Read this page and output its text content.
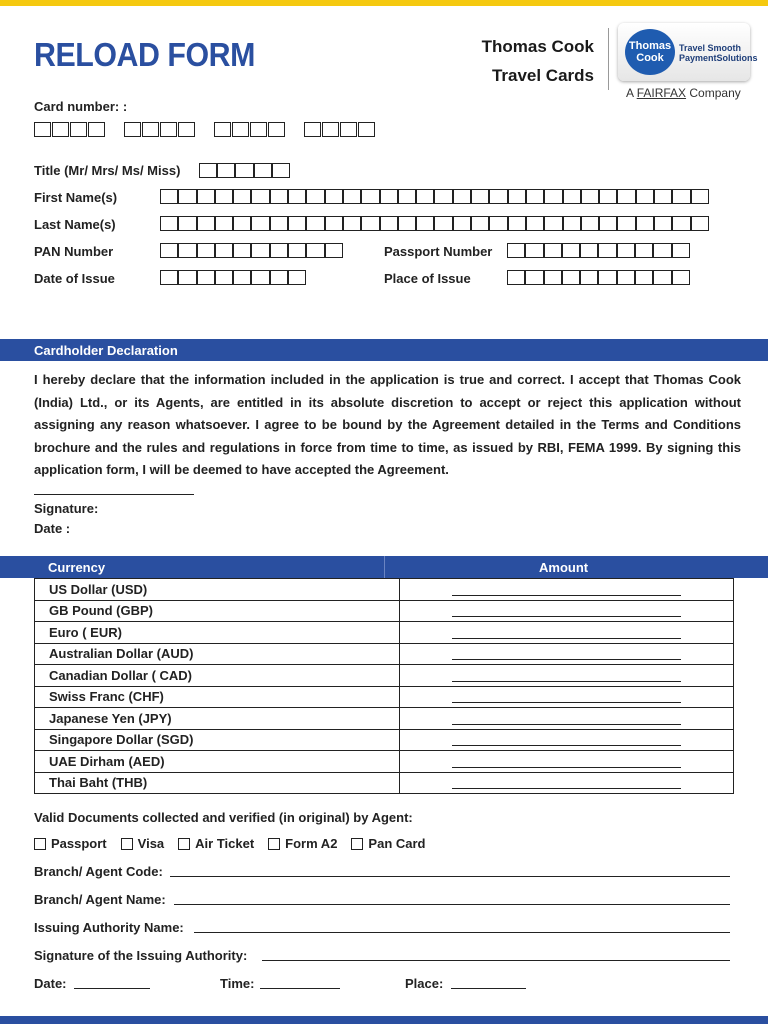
RELOAD FORM	Thomas Cook
Travel Cards
Thomas
Cook
Travel Smooth
PaymentSolutions
A FAIRFAX Company
Card number: :
Title (Mr/ Mrs/ Ms/ Miss)
First Name(s)
Last Name(s)
PAN Number	Passport Number
Date of Issue	Place of Issue
Cardholder Declaration
I hereby declare that the information included in the application is true and correct. I accept that Thomas Cook (India) Ltd., or its Agents, are entitled in its absolute discretion to accept or reject this application without assigning any reason whatsoever. I agree to be bound by the Agreement detailed in the Terms and Conditions brochure and the rules and regulations in force from time to time, as issued by RBI, FEMA 1999. By signing this application form, I will be deemed to have accepted the Agreement.
Signature:
Date :
Currency	Amount
US Dollar (USD)	

GB Pound (GBP)	

Euro ( EUR)	

Australian Dollar (AUD)	

Canadian Dollar ( CAD)	

Swiss Franc (CHF)	

Japanese Yen (JPY)	

Singapore Dollar (SGD)	

UAE Dirham (AED)	

Thai Baht (THB)	
Valid Documents collected and verified (in original) by Agent:
Passport Visa Air Ticket Form A2 Pan Card
Branch/ Agent Code:
Branch/ Agent Name:
Issuing Authority Name:
Signature of the Issuing Authority:
Date:	Time:	Place:
